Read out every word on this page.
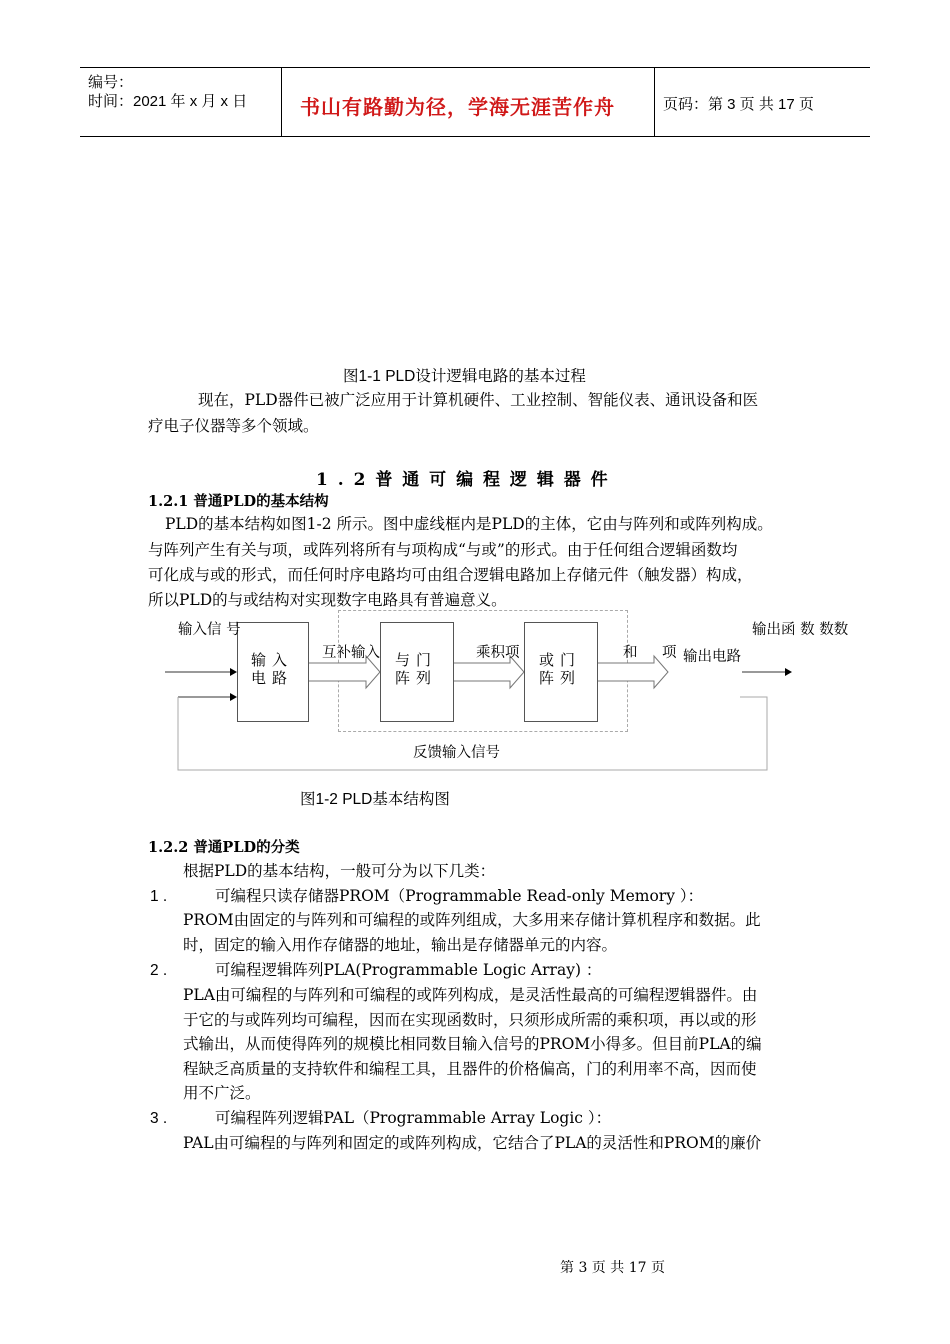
编号：
时间：2021 年 x 月 x 日	书山有路勤为径，学海无涯苦作舟	页码：第 3 页 共 17 页
图1-1 PLD设计逻辑电路的基本过程
现在，PLD器件已被广泛应用于计算机硬件、工业控制、智能仪表、通讯设备和医
疗电子仪器等多个领域。
1 . 2 普 通 可 编 程 逻 辑 器 件
1.2.1 普通PLD的基本结构
PLD的基本结构如图1-2 所示。图中虚线框内是PLD的主体，它由与阵列和或阵列构成。
与阵列产生有关与项，或阵列将所有与项构成“与或”的形式。由于任何组合逻辑函数均
可化成与或的形式，而任何时序电路均可由组合逻辑电路加上存储元件（触发器）构成，
所以PLD的与或结构对实现数字电路具有普遍意义。
输入
电路
与门
阵列
或门
阵列
输入信 号	输出函 数 数数
互补输入	乘积项	和 项 输出电路
反馈输入信号
图1-2 PLD基本结构图
1.2.2 普通PLD的分类
根据PLD的基本结构，一般可分为以下几类：
1 .	可编程只读存储器PROM（Programmable Read-only Memory ）：
PROM由固定的与阵列和可编程的或阵列组成，大多用来存储计算机程序和数据。此
时，固定的输入用作存储器的地址，输出是存储器单元的内容。
2 .	可编程逻辑阵列PLA(Programmable Logic Array) ：
PLA由可编程的与阵列和可编程的或阵列构成，是灵活性最高的可编程逻辑器件。由
于它的与或阵列均可编程，因而在实现函数时，只须形成所需的乘积项，再以或的形
式输出，从而使得阵列的规模比相同数目输入信号的PROM小得多。但目前PLA的编
程缺乏高质量的支持软件和编程工具，且器件的价格偏高，门的利用率不高，因而使
用不广泛。
3 .	可编程阵列逻辑PAL（Programmable Array Logic ）：
PAL由可编程的与阵列和固定的或阵列构成，它结合了PLA的灵活性和PROM的廉价
第 3 页 共 17 页
